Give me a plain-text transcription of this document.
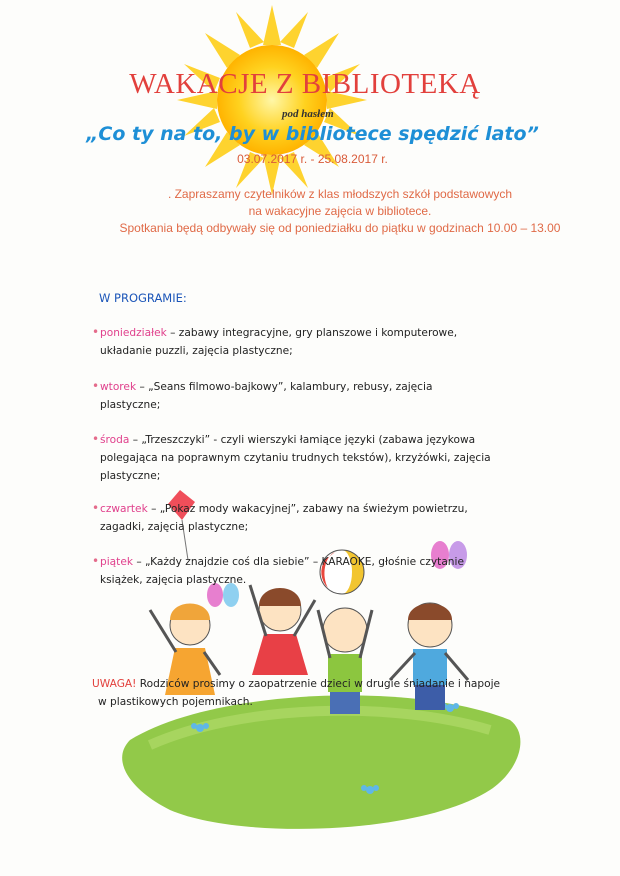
WAKACJE Z BIBLIOTEKĄ
pod hasłem
„Co ty na to, by w bibliotece spędzić lato”
03.07.2017 r. - 25.08.2017 r.
. Zapraszamy czytelników z klas młodszych szkół podstawowych
na wakacyjne zajęcia w bibliotece.
Spotkania będą odbywały się od poniedziałku do piątku w godzinach 10.00 – 13.00
W PROGRAMIE:
• poniedziałek – zabawy integracyjne, gry planszowe i komputerowe,
układanie puzzli, zajęcia plastyczne;
• wtorek – „Seans filmowo-bajkowy”, kalambury, rebusy, zajęcia
plastyczne;
• środa – „Trzeszczyki” - czyli wierszyki łamiące języki (zabawa językowa
polegająca na poprawnym czytaniu trudnych tekstów), krzyżówki, zajęcia
plastyczne;
• czwartek – „Pokaz mody wakacyjnej”, zabawy na świeżym powietrzu,
zagadki, zajęcia plastyczne;
• piątek – „Każdy znajdzie coś dla siebie” – KARAOKE, głośnie czytanie
książek, zajęcia plastyczne.
UWAGA! Rodziców prosimy o zaopatrzenie dzieci w drugie śniadanie i napoje
w plastikowych pojemnikach.
